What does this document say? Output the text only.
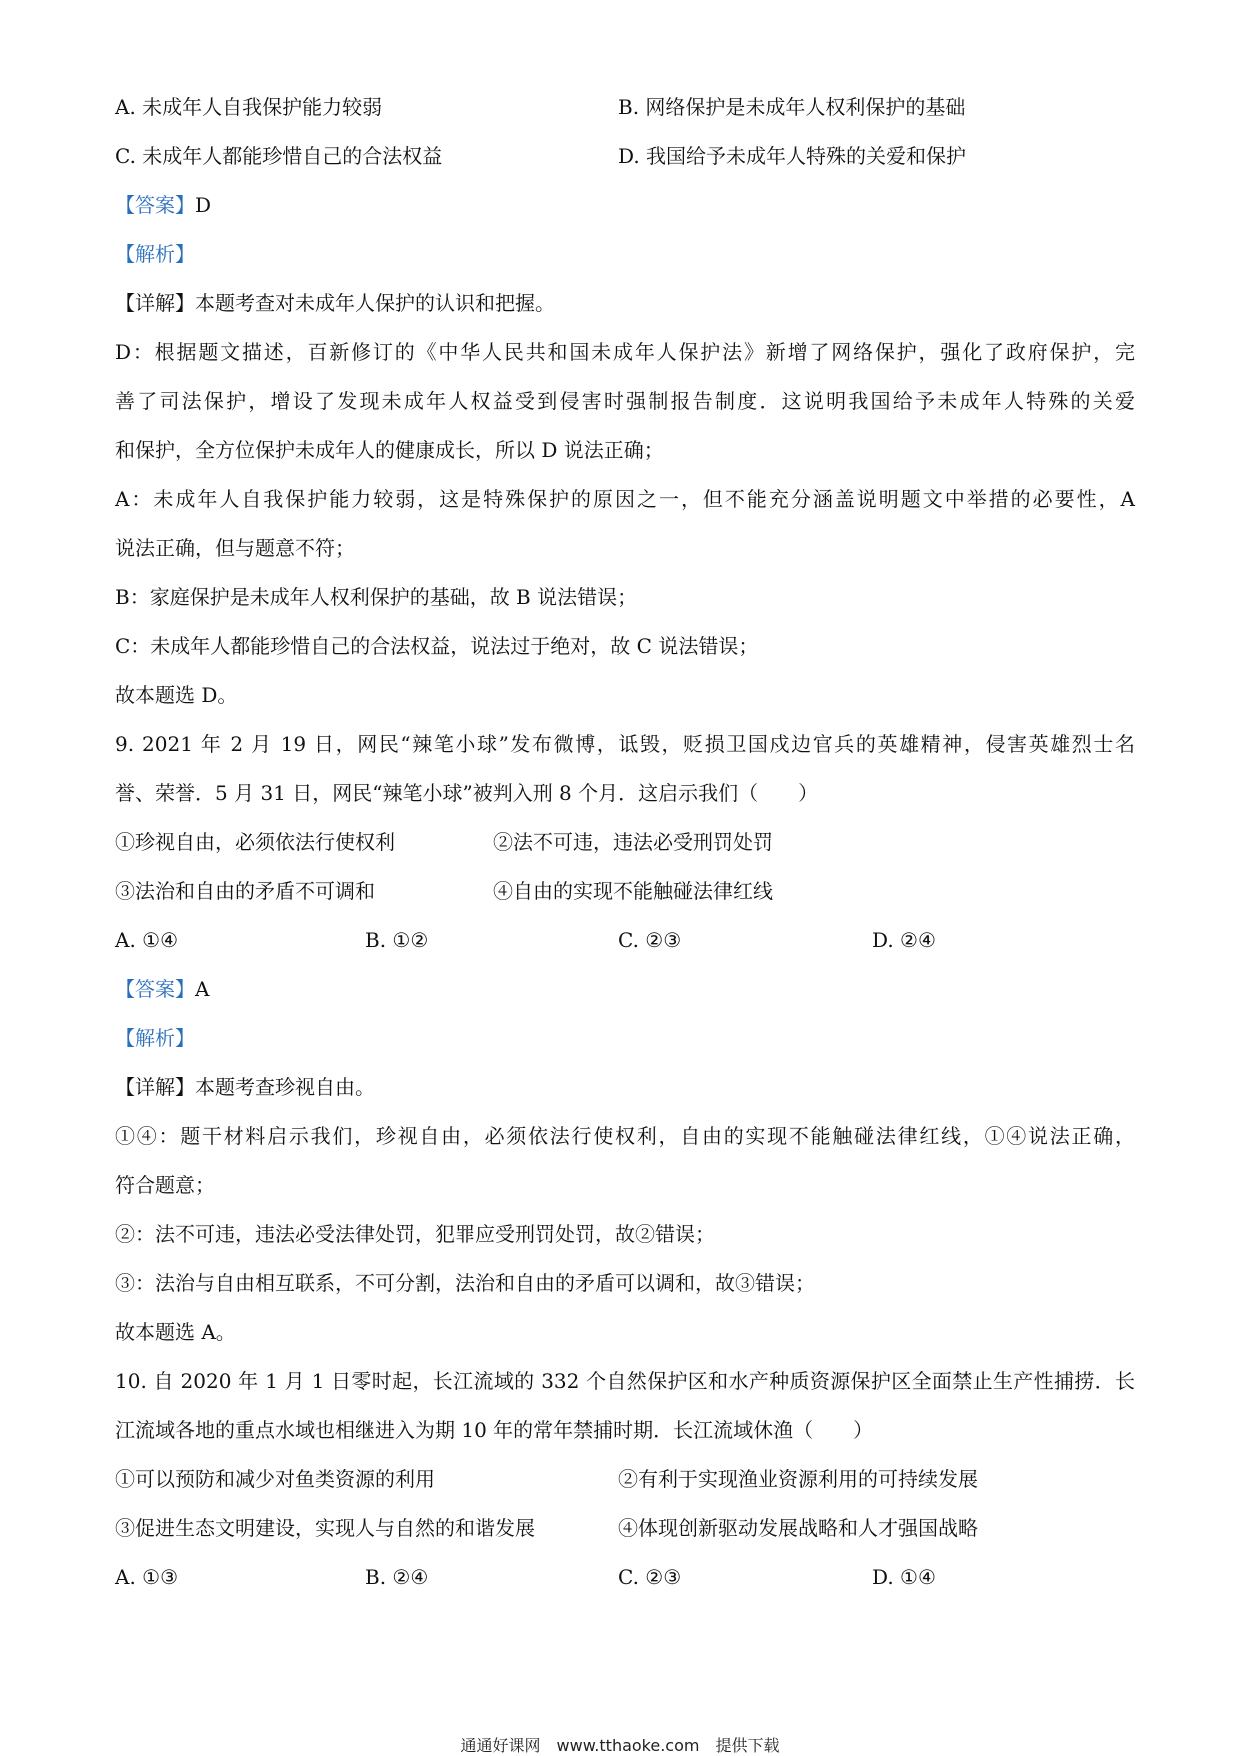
A. 未成年人自我保护能力较弱	B. 网络保护是未成年人权利保护的基础
C. 未成年人都能珍惜自己的合法权益	D. 我国给予未成年人特殊的关爱和保护
【答案】D
【解析】
【详解】本题考查对未成年人保护的认识和把握。
D：根据题文描述，百新修订的《中华人民共和国未成年人保护法》新增了网络保护，强化了政府保护，完
善了司法保护，增设了发现未成年人权益受到侵害时强制报告制度．这说明我国给予未成年人特殊的关爱
和保护，全方位保护未成年人的健康成长，所以 D 说法正确；
A：未成年人自我保护能力较弱，这是特殊保护的原因之一，但不能充分涵盖说明题文中举措的必要性，A
说法正确，但与题意不符；
B：家庭保护是未成年人权利保护的基础，故 B 说法错误；
C：未成年人都能珍惜自己的合法权益，说法过于绝对，故 C 说法错误；
故本题选 D。
9. 2021 年 2 月 19 日，网民“辣笔小球”发布微博，诋毁，贬损卫国戍边官兵的英雄精神，侵害英雄烈士名
誉、荣誉．5 月 31 日，网民“辣笔小球”被判入刑 8 个月．这启示我们（　　）
①珍视自由，必须依法行使权利	②法不可违，违法必受刑罚处罚
③法治和自由的矛盾不可调和	④自由的实现不能触碰法律红线
A. ①④	B. ①②	C. ②③	D. ②④
【答案】A
【解析】
【详解】本题考查珍视自由。
①④：题干材料启示我们，珍视自由，必须依法行使权利，自由的实现不能触碰法律红线，①④说法正确，
符合题意；
②：法不可违，违法必受法律处罚，犯罪应受刑罚处罚，故②错误；
③：法治与自由相互联系，不可分割，法治和自由的矛盾可以调和，故③错误；
故本题选 A。
10. 自 2020 年 1 月 1 日零时起，长江流域的 332 个自然保护区和水产种质资源保护区全面禁止生产性捕捞．长
江流域各地的重点水域也相继进入为期 10 年的常年禁捕时期．长江流域休渔（　　）
①可以预防和减少对鱼类资源的利用	②有利于实现渔业资源利用的可持续发展
③促进生态文明建设，实现人与自然的和谐发展	④体现创新驱动发展战略和人才强国战略
A. ①③	B. ②④	C. ②③	D. ①④
通通好课网　www.tthaoke.com　提供下载
